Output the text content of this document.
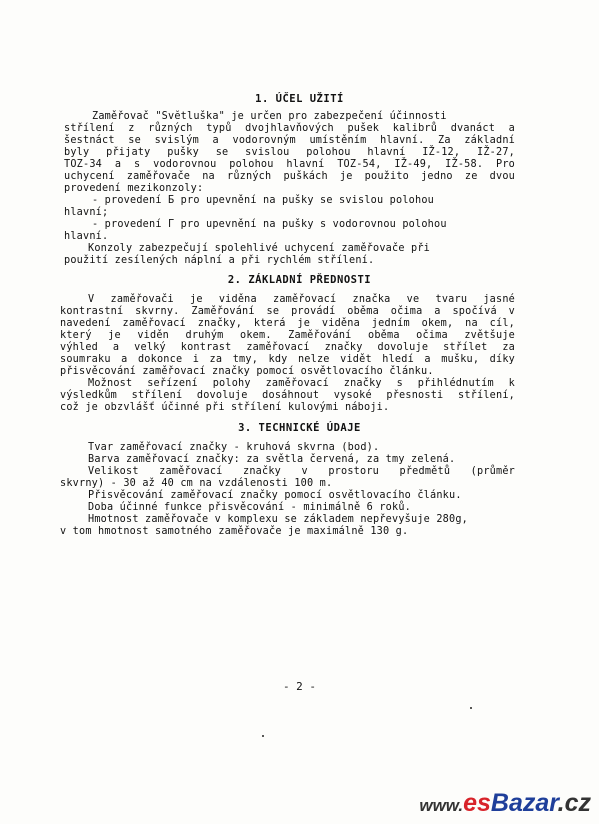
1. ÚČEL UŽITÍ
Zaměřovač "Svĕtluška" je určen pro zabezpečení účinnosti
střílení z různých typů dvojhlavňových pušek kalibrů dvanáct a
šestnáct se svislým a vodorovným umístěním hlavní. Za základní
byly přijaty pušky se svislou polohou hlavní IŽ-12, IŽ-27,
TOZ-34 a s vodorovnou polohou hlavní TOZ-54, IŽ-49, IŽ-58. Pro
uchycení zaměřovače na různých puškách je použito jedno ze dvou
provedení mezikonzoly:
- provedení Б pro upevnění na pušky se svislou polohou
hlavní;
- provedení Г pro upevnění na pušky s vodorovnou polohou
hlavní.
Konzoly zabezpečují spolehlivé uchycení zaměřovače při
použití zesílených náplní a při rychlém střílení.
2. ZÁKLADNÍ PŘEDNOSTI
V zaměřovači je viděna zaměřovací značka ve tvaru jasné
kontrastní skvrny. Zaměřování se provádí oběma očima a spočívá v
navedení zaměřovací značky, která je viděna jedním okem, na cíl,
který je viděn druhým okem. Zaměřování oběma očima zvětšuje
výhled a velký kontrast zaměřovací značky dovoluje střílet za
soumraku a dokonce i za tmy, kdy nelze vidět hledí a mušku, díky
přisvěcování zaměřovací značky pomocí osvětlovacího článku.
Možnost seřízení polohy zaměřovací značky s přihlédnutím k
výsledkům střílení dovoluje dosáhnout vysoké přesnosti střílení,
což je obzvlášť účinné při střílení kulovými náboji.
3. TECHNICKÉ ÚDAJE
Tvar zaměřovací značky - kruhová skvrna (bod).
Barva zaměřovací značky: za světla červená, za tmy zelená.
Velikost zaměřovací značky v prostoru předmětů (průměr
skvrny) - 30 až 40 cm na vzdálenosti 100 m.
Přisvěcování zaměřovací značky pomocí osvětlovacího článku.
Doba účinné funkce přisvěcování - minimálně 6 roků.
Hmotnost zaměřovače v komplexu se základem nepřevyšuje 280g,
v tom hmotnost samotného zaměřovače je maximálně 130 g.
- 2 -
www.esBazar.cz
